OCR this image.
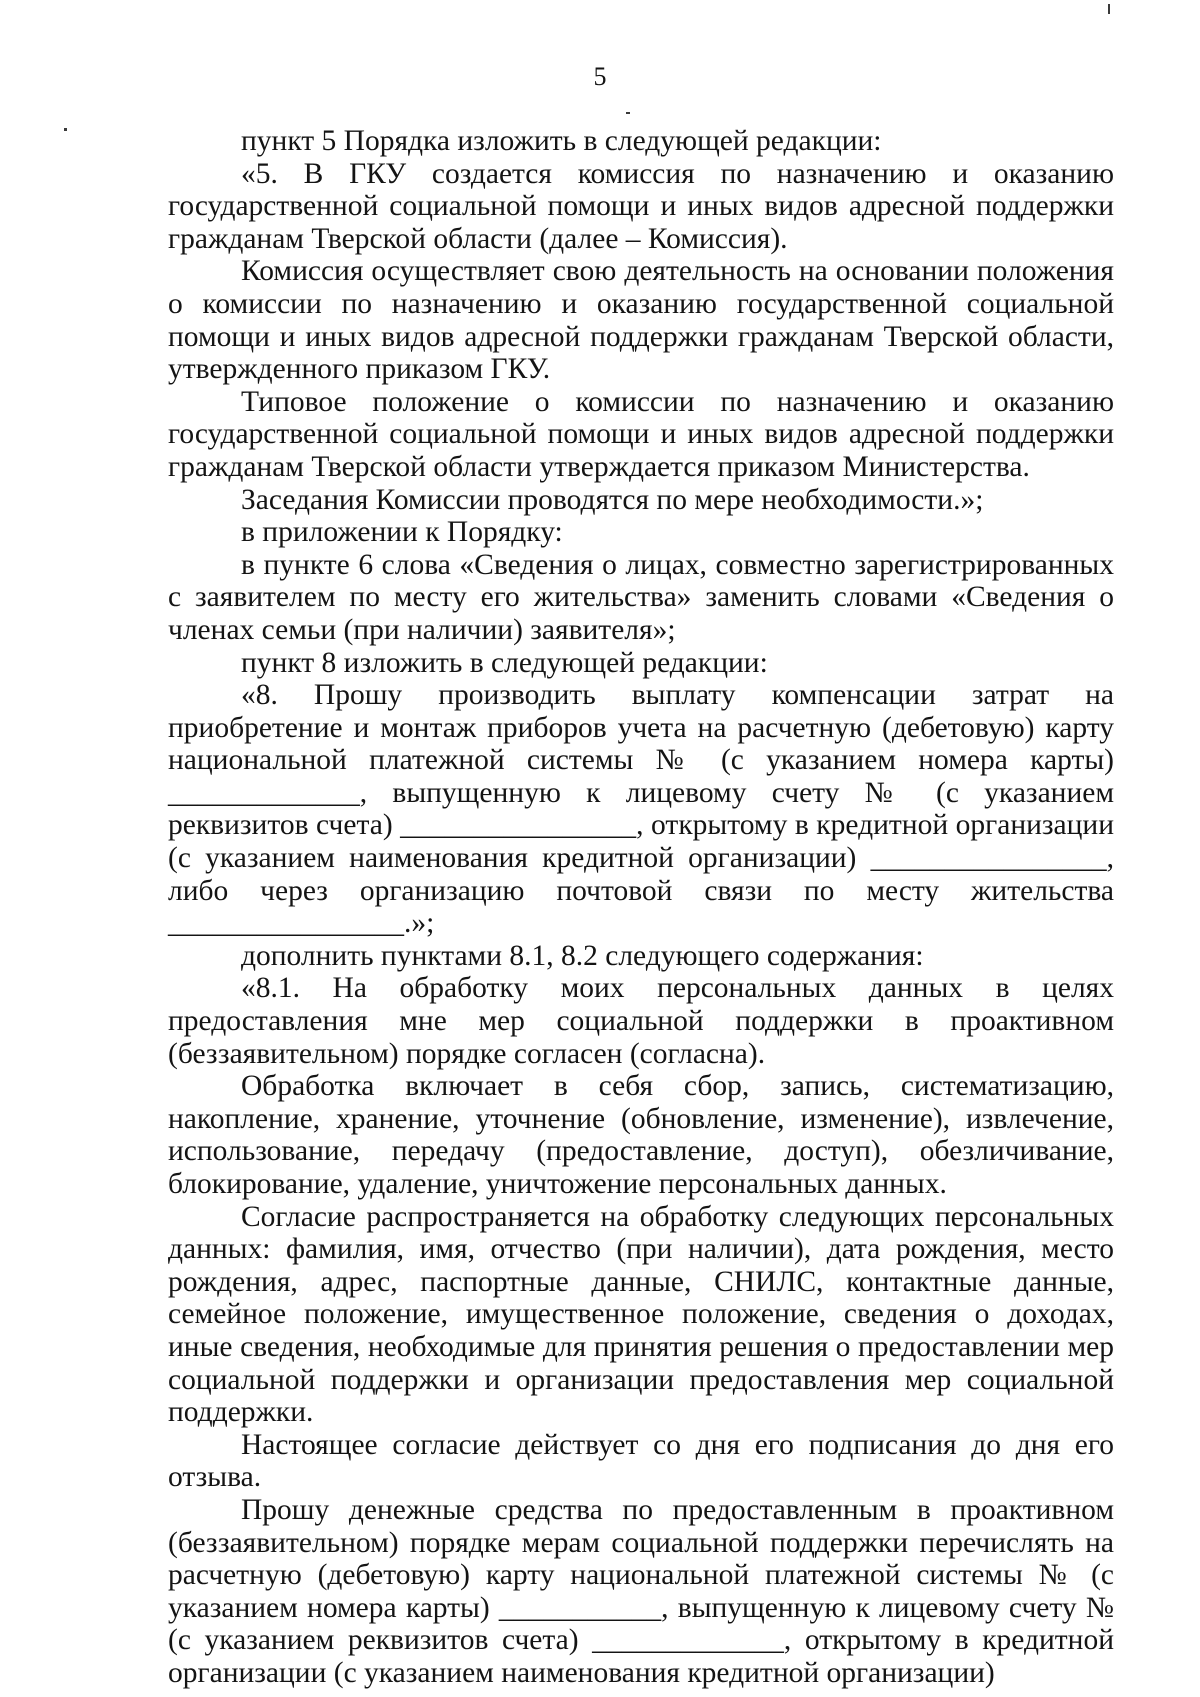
5

пункт 5 Порядка изложить в следующей редакции:

«5. В ГКУ создается комиссия по назначению и оказанию государственной социальной помощи и иных видов адресной поддержки гражданам Тверской области (далее – Комиссия).

Комиссия осуществляет свою деятельность на основании положения о комиссии по назначению и оказанию государственной социальной помощи и иных видов адресной поддержки гражданам Тверской области, утвержденного приказом ГКУ.

Типовое положение о комиссии по назначению и оказанию государственной социальной помощи и иных видов адресной поддержки гражданам Тверской области утверждается приказом Министерства.

Заседания Комиссии проводятся по мере необходимости.»;

в приложении к Порядку:

в пункте 6 слова «Сведения о лицах, совместно зарегистрированных с заявителем по месту его жительства» заменить словами «Сведения о членах семьи (при наличии) заявителя»;

пункт 8 изложить в следующей редакции:

«8. Прошу производить выплату компенсации затрат на приобретение и монтаж приборов учета на расчетную (дебетовую) карту национальной платежной системы № (с указанием номера карты) _____________, выпущенную к лицевому счету № (с указанием реквизитов счета) ________________, открытому в кредитной организации (с указанием наименования кредитной организации) ________________, либо через организацию почтовой связи по месту жительства ________________.»;

дополнить пунктами 8.1, 8.2 следующего содержания:

«8.1. На обработку моих персональных данных в целях предоставления мне мер социальной поддержки в проактивном (беззаявительном) порядке согласен (согласна).

Обработка включает в себя сбор, запись, систематизацию, накопление, хранение, уточнение (обновление, изменение), извлечение, использование, передачу (предоставление, доступ), обезличивание, блокирование, удаление, уничтожение персональных данных.

Согласие распространяется на обработку следующих персональных данных: фамилия, имя, отчество (при наличии), дата рождения, место рождения, адрес, паспортные данные, СНИЛС, контактные данные, семейное положение, имущественное положение, сведения о доходах, иные сведения, необходимые для принятия решения о предоставлении мер социальной поддержки и организации предоставления мер социальной поддержки.

Настоящее согласие действует со дня его подписания до дня его отзыва.

Прошу денежные средства по предоставленным в проактивном (беззаявительном) порядке мерам социальной поддержки перечислять на расчетную (дебетовую) карту национальной платежной системы № (с указанием номера карты) ___________, выпущенную к лицевому счету № (с указанием реквизитов счета) _____________, открытому в кредитной организации (с указанием наименования кредитной организации)
